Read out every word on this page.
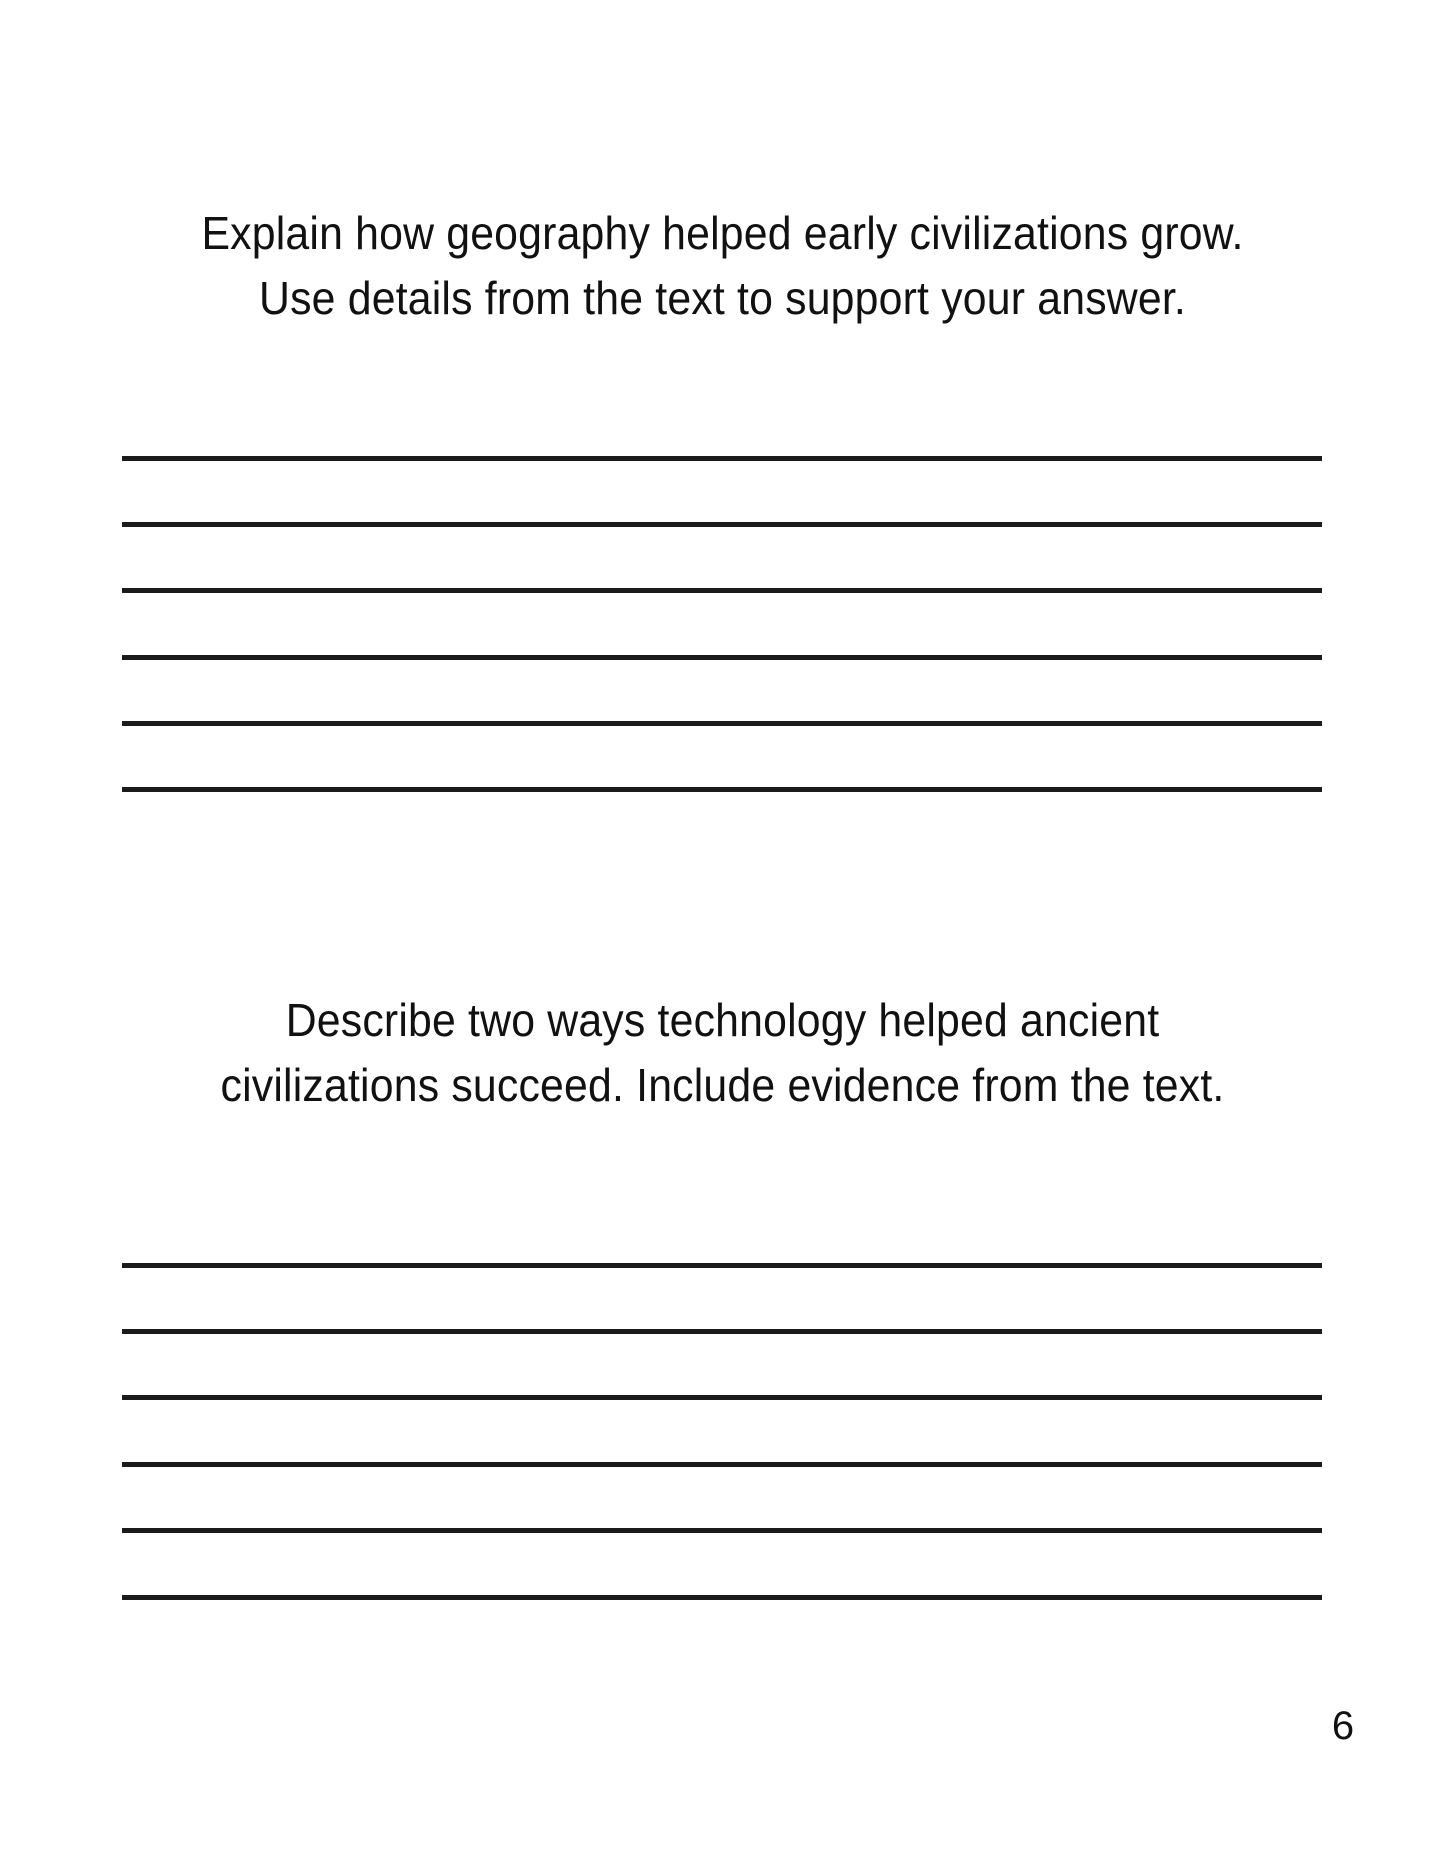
Explain how geography helped early civilizations grow. Use details from the text to support your answer.
Describe two ways technology helped ancient civilizations succeed. Include evidence from the text.
6
